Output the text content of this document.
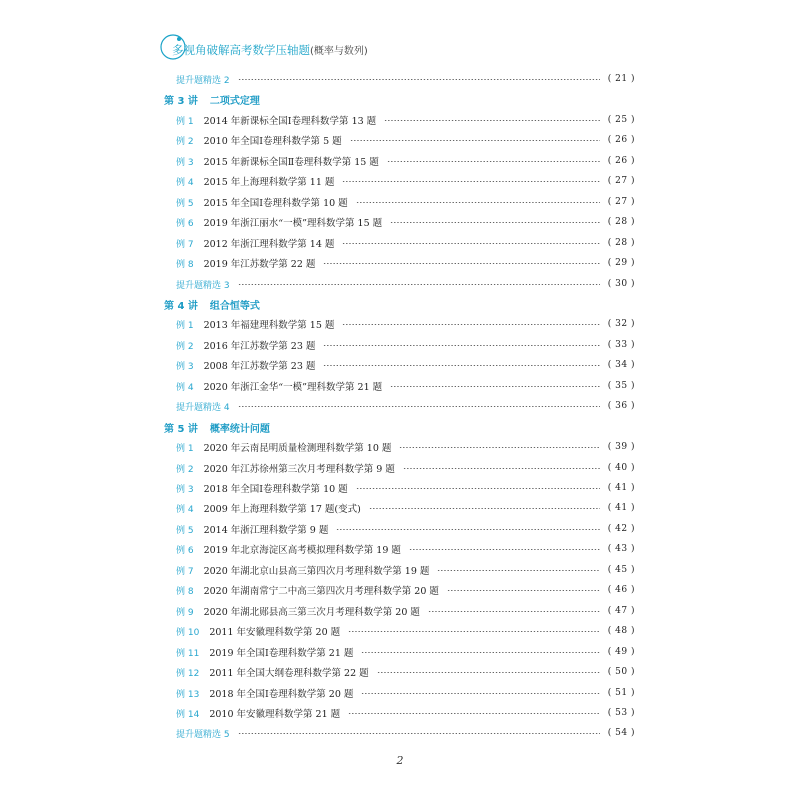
多视角破解高考数学压轴题(概率与数列)
提升题精选 2	( 21 )
第 3 讲 二项式定理
例 1 2014 年新课标全国Ⅰ卷理科数学第 13 题	( 25 )
例 2 2010 年全国Ⅰ卷理科数学第 5 题	( 26 )
例 3 2015 年新课标全国Ⅱ卷理科数学第 15 题	( 26 )
例 4 2015 年上海理科数学第 11 题	( 27 )
例 5 2015 年全国Ⅰ卷理科数学第 10 题	( 27 )
例 6 2019 年浙江丽水“一模”理科数学第 15 题	( 28 )
例 7 2012 年浙江理科数学第 14 题	( 28 )
例 8 2019 年江苏数学第 22 题	( 29 )
提升题精选 3	( 30 )
第 4 讲 组合恒等式
例 1 2013 年福建理科数学第 15 题	( 32 )
例 2 2016 年江苏数学第 23 题	( 33 )
例 3 2008 年江苏数学第 23 题	( 34 )
例 4 2020 年浙江金华“一模”理科数学第 21 题	( 35 )
提升题精选 4	( 36 )
第 5 讲 概率统计问题
例 1 2020 年云南昆明质量检测理科数学第 10 题	( 39 )
例 2 2020 年江苏徐州第三次月考理科数学第 9 题	( 40 )
例 3 2018 年全国Ⅰ卷理科数学第 10 题	( 41 )
例 4 2009 年上海理科数学第 17 题(变式)	( 41 )
例 5 2014 年浙江理科数学第 9 题	( 42 )
例 6 2019 年北京海淀区高考模拟理科数学第 19 题	( 43 )
例 7 2020 年湖北京山县高三第四次月考理科数学第 19 题	( 45 )
例 8 2020 年湖南常宁二中高三第四次月考理科数学第 20 题	( 46 )
例 9 2020 年湖北郧县高三第三次月考理科数学第 20 题	( 47 )
例 10 2011 年安徽理科数学第 20 题	( 48 )
例 11 2019 年全国Ⅰ卷理科数学第 21 题	( 49 )
例 12 2011 年全国大纲卷理科数学第 22 题	( 50 )
例 13 2018 年全国Ⅰ卷理科数学第 20 题	( 51 )
例 14 2010 年安徽理科数学第 21 题	( 53 )
提升题精选 5	( 54 )
2
